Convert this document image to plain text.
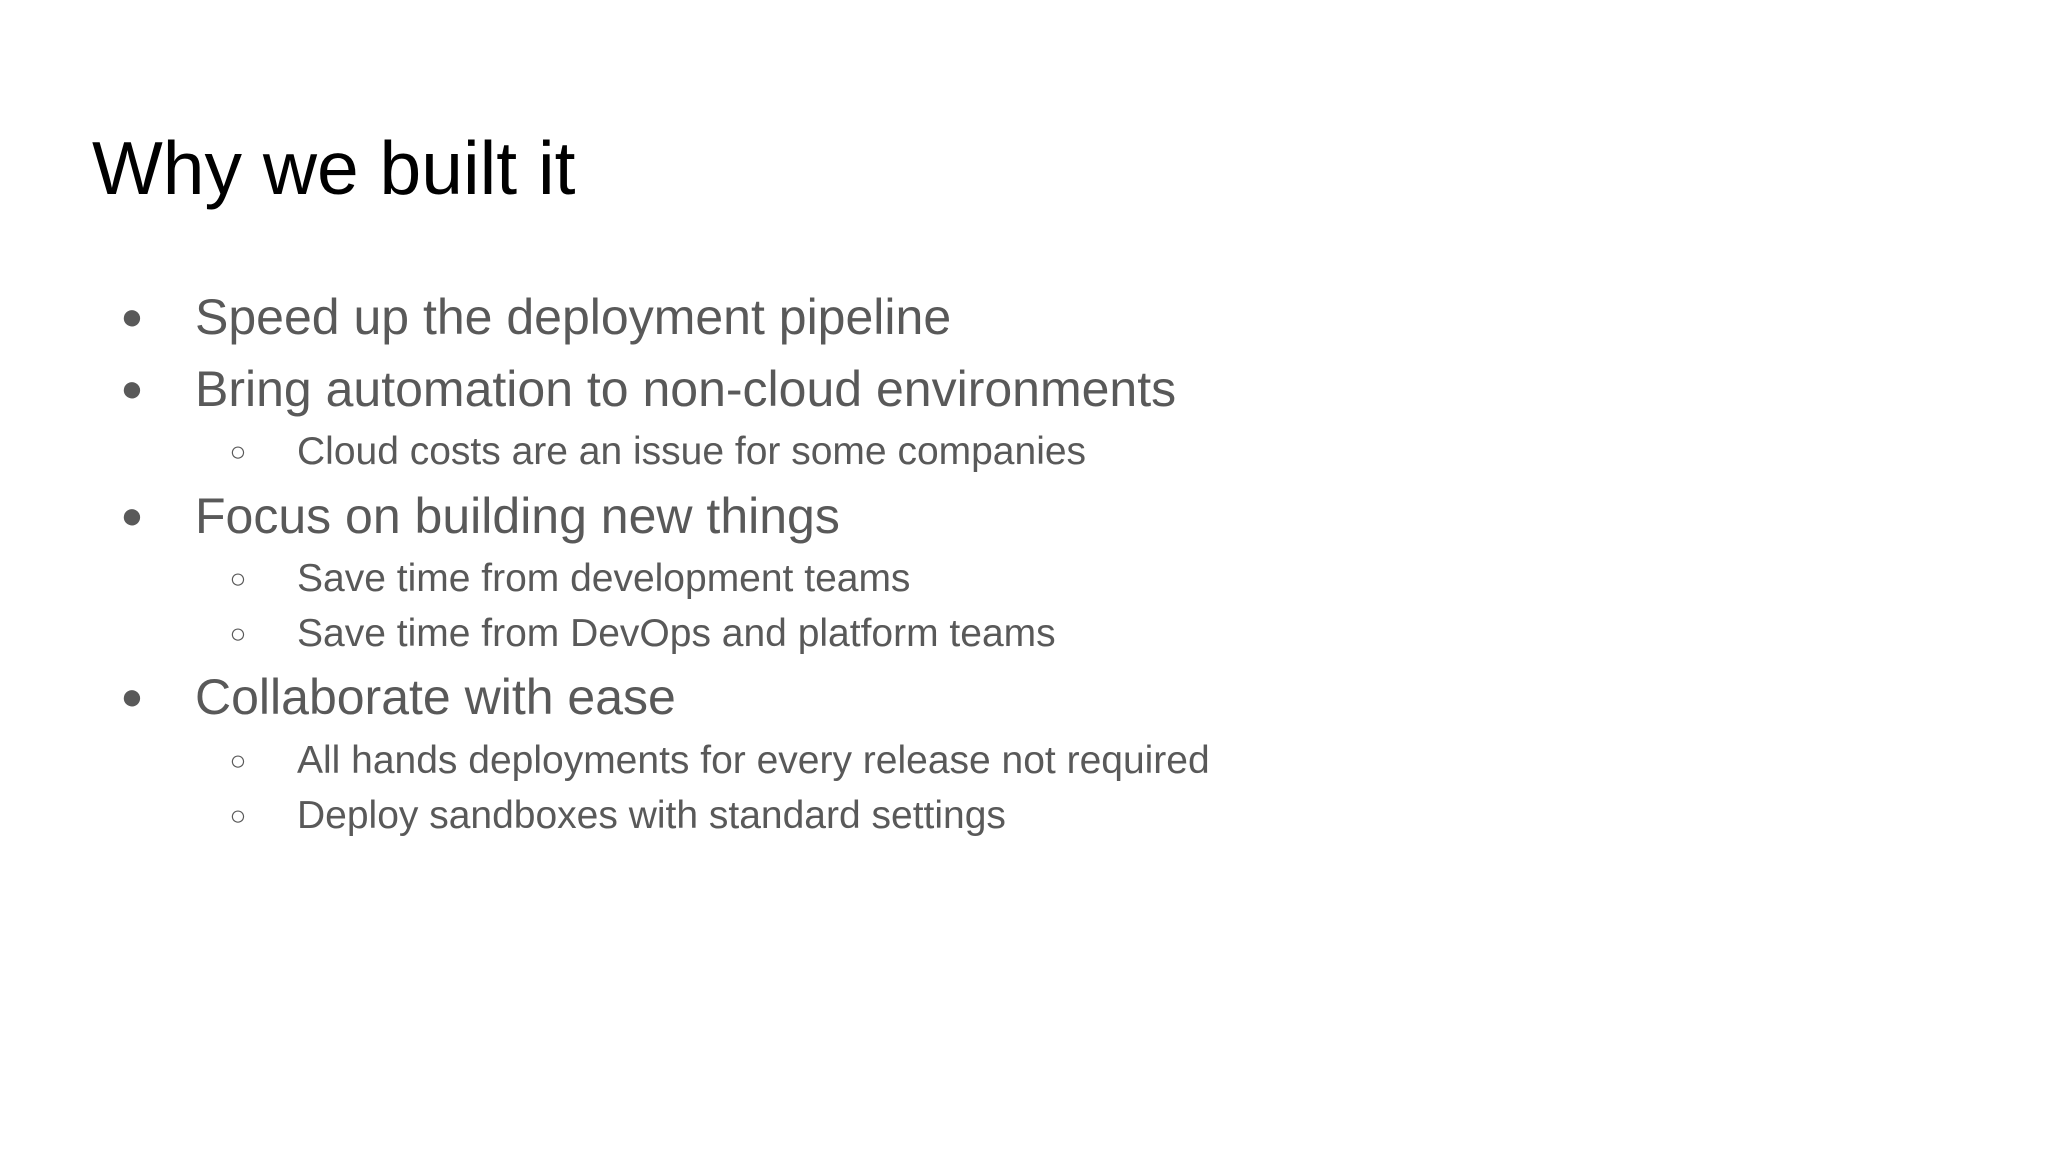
Why we built it
● Speed up the deployment pipeline
● Bring automation to non-cloud environments
○ Cloud costs are an issue for some companies
● Focus on building new things
○ Save time from development teams
○ Save time from DevOps and platform teams
● Collaborate with ease
○ All hands deployments for every release not required
○ Deploy sandboxes with standard settings
